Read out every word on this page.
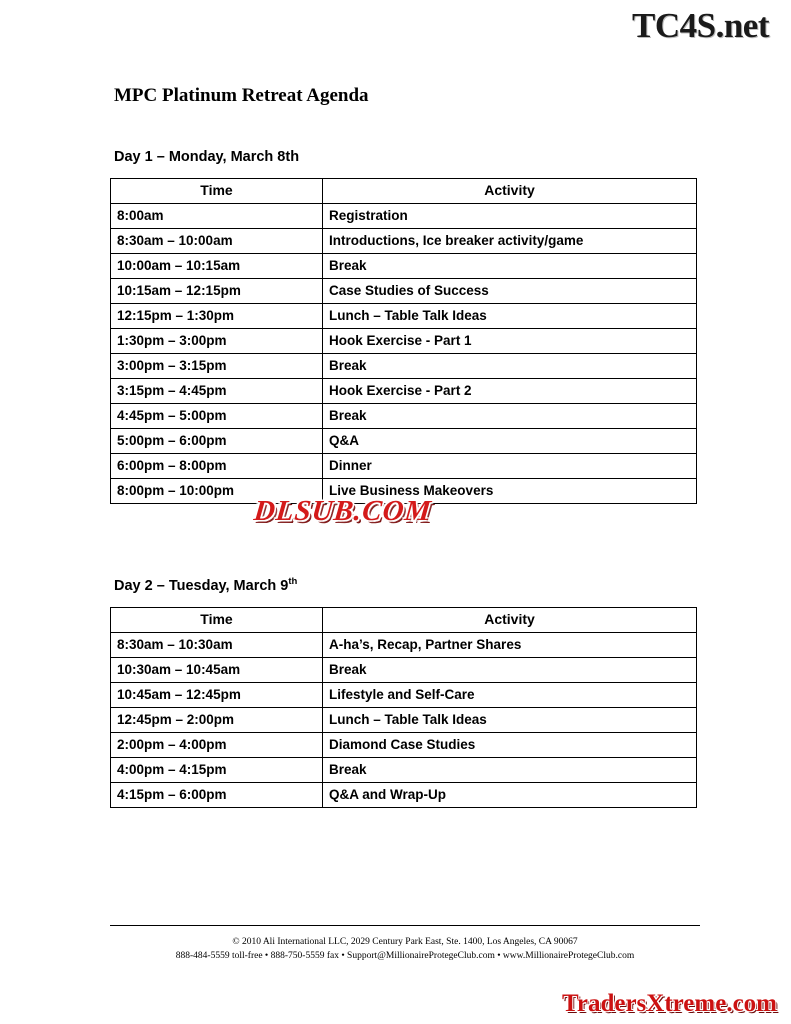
TC4S.net
MPC Platinum Retreat Agenda
Day 1 – Monday, March 8th
Time	Activity
8:00am	Registration
8:30am – 10:00am	Introductions, Ice breaker activity/game
10:00am – 10:15am	Break
10:15am – 12:15pm	Case Studies of Success
12:15pm – 1:30pm	Lunch – Table Talk Ideas
1:30pm – 3:00pm	Hook Exercise - Part 1
3:00pm – 3:15pm	Break
3:15pm – 4:45pm	Hook Exercise - Part 2
4:45pm – 5:00pm	Break
5:00pm – 6:00pm	Q&A
6:00pm – 8:00pm	Dinner
8:00pm – 10:00pm	Live Business Makeovers
Day 2 – Tuesday, March 9th
Time	Activity
8:30am – 10:30am	A-ha’s, Recap, Partner Shares
10:30am – 10:45am	Break
10:45am – 12:45pm	Lifestyle and Self-Care
12:45pm – 2:00pm	Lunch – Table Talk Ideas
2:00pm – 4:00pm	Diamond Case Studies
4:00pm – 4:15pm	Break
4:15pm – 6:00pm	Q&A and Wrap-Up
DLSUB.COM
© 2010 Ali International LLC, 2029 Century Park East, Ste. 1400, Los Angeles, CA 90067
888-484-5559 toll-free • 888-750-5559 fax • Support@MillionaireProtegeClub.com • www.MillionaireProtegeClub.com
TradersXtreme.com
